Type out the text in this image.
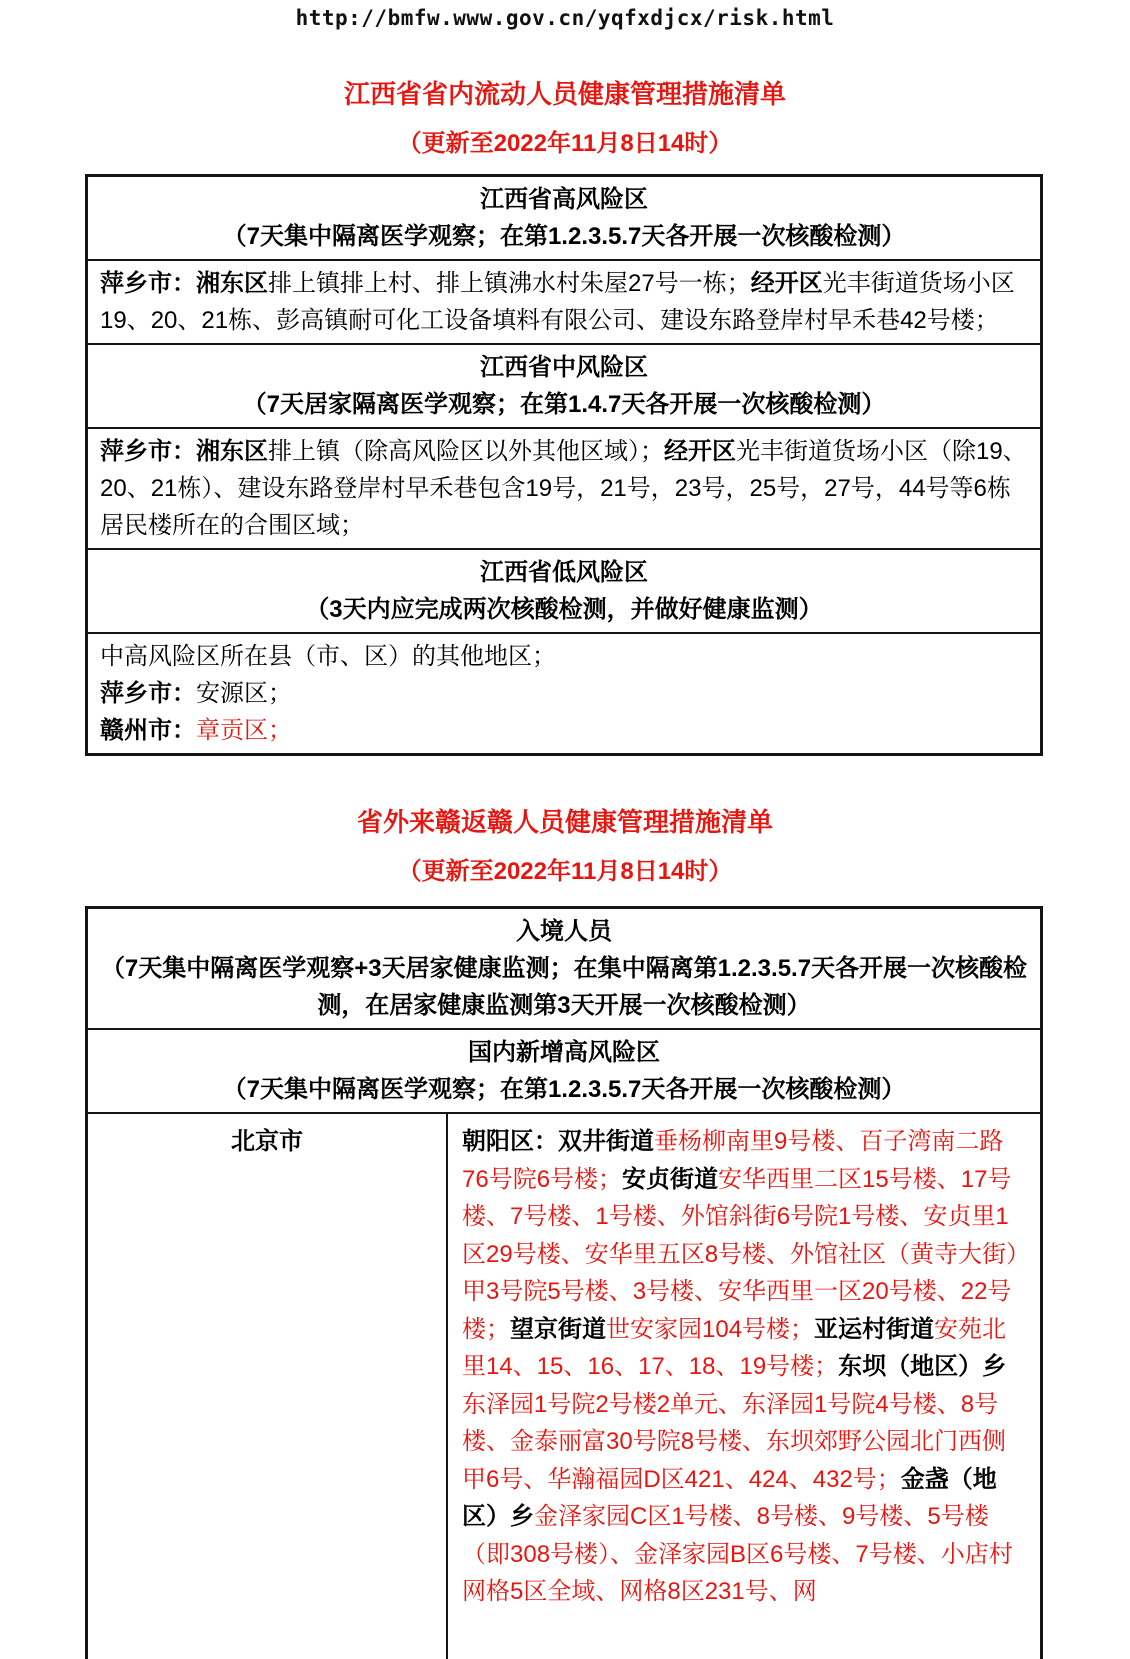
http://bmfw.www.gov.cn/yqfxdjcx/risk.html
江西省省内流动人员健康管理措施清单
（更新至2022年11月8日14时）
江西省高风险区
（7天集中隔离医学观察；在第1.2.3.5.7天各开展一次核酸检测）

萍乡市：湘东区排上镇排上村、排上镇沸水村朱屋27号一栋；经开区光丰街道货场小区19、20、21栋、彭高镇耐可化工设备填料有限公司、建设东路登岸村早禾巷42号楼；

江西省中风险区
（7天居家隔离医学观察；在第1.4.7天各开展一次核酸检测）

萍乡市：湘东区排上镇（除高风险区以外其他区域）；经开区光丰街道货场小区（除19、20、21栋）、建设东路登岸村早禾巷包含19号，21号，23号，25号，27号，44号等6栋居民楼所在的合围区域；

江西省低风险区
（3天内应完成两次核酸检测，并做好健康监测）

中高风险区所在县（市、区）的其他地区；

萍乡市：安源区；

赣州市：章贡区；

省外来赣返赣人员健康管理措施清单
（更新至2022年11月8日14时）
入境人员
（7天集中隔离医学观察+3天居家健康监测；在集中隔离第1.2.3.5.7天各开展一次核酸检测，在居家健康监测第3天开展一次核酸检测）
国内新增高风险区
（7天集中隔离医学观察；在第1.2.3.5.7天各开展一次核酸检测）
北京市	朝阳区：双井街道垂杨柳南里9号楼、百子湾南二路76号院6号楼；安贞街道安华西里二区15号楼、17号楼、7号楼、1号楼、外馆斜街6号院1号楼、安贞里1区29号楼、安华里五区8号楼、外馆社区（黄寺大街）甲3号院5号楼、3号楼、安华西里一区20号楼、22号楼；望京街道世安家园104号楼；亚运村街道安苑北里14、15、16、17、18、19号楼；东坝（地区）乡东泽园1号院2号楼2单元、东泽园1号院4号楼、8号楼、金泰丽富30号院8号楼、东坝郊野公园北门西侧甲6号、华瀚福园D区421、424、432号；金盏（地区）乡金泽家园C区1号楼、8号楼、9号楼、5号楼（即308号楼）、金泽家园B区6号楼、7号楼、小店村网格5区全域、网格8区231号、网
